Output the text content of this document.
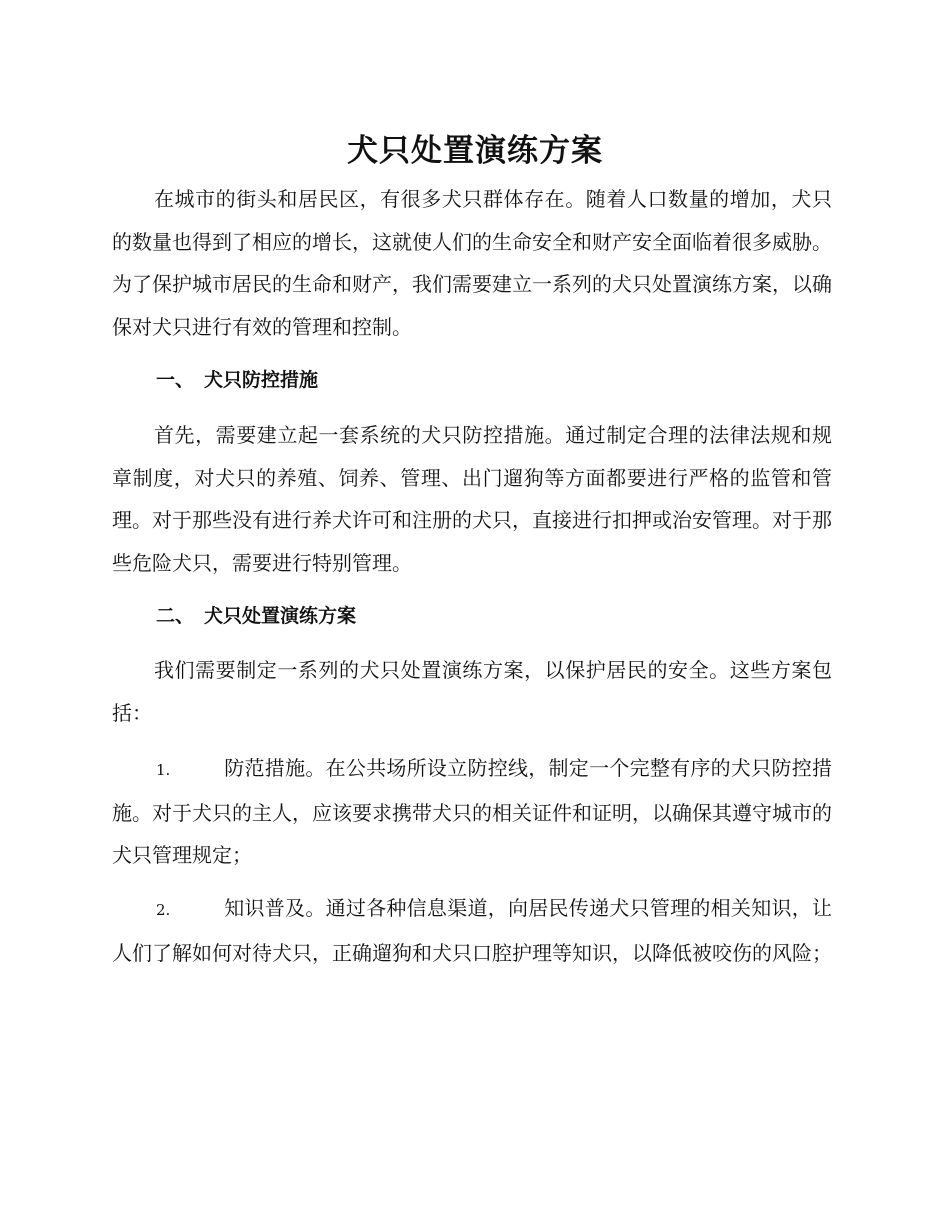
犬只处置演练方案

在城市的街头和居民区，有很多犬只群体存在。随着人口数量的增加，犬只的数量也得到了相应的增长，这就使人们的生命安全和财产安全面临着很多威胁。为了保护城市居民的生命和财产，我们需要建立一系列的犬只处置演练方案，以确保对犬只进行有效的管理和控制。

一、 犬只防控措施

首先，需要建立起一套系统的犬只防控措施。通过制定合理的法律法规和规章制度，对犬只的养殖、饲养、管理、出门遛狗等方面都要进行严格的监管和管理。对于那些没有进行养犬许可和注册的犬只，直接进行扣押或治安管理。对于那些危险犬只，需要进行特别管理。

二、 犬只处置演练方案

我们需要制定一系列的犬只处置演练方案，以保护居民的安全。这些方案包括：

1.	防范措施。在公共场所设立防控线，制定一个完整有序的犬只防控措施。对于犬只的主人，应该要求携带犬只的相关证件和证明，以确保其遵守城市的犬只管理规定；

2.	知识普及。通过各种信息渠道，向居民传递犬只管理的相关知识，让人们了解如何对待犬只，正确遛狗和犬只口腔护理等知识，以降低被咬伤的风险；
